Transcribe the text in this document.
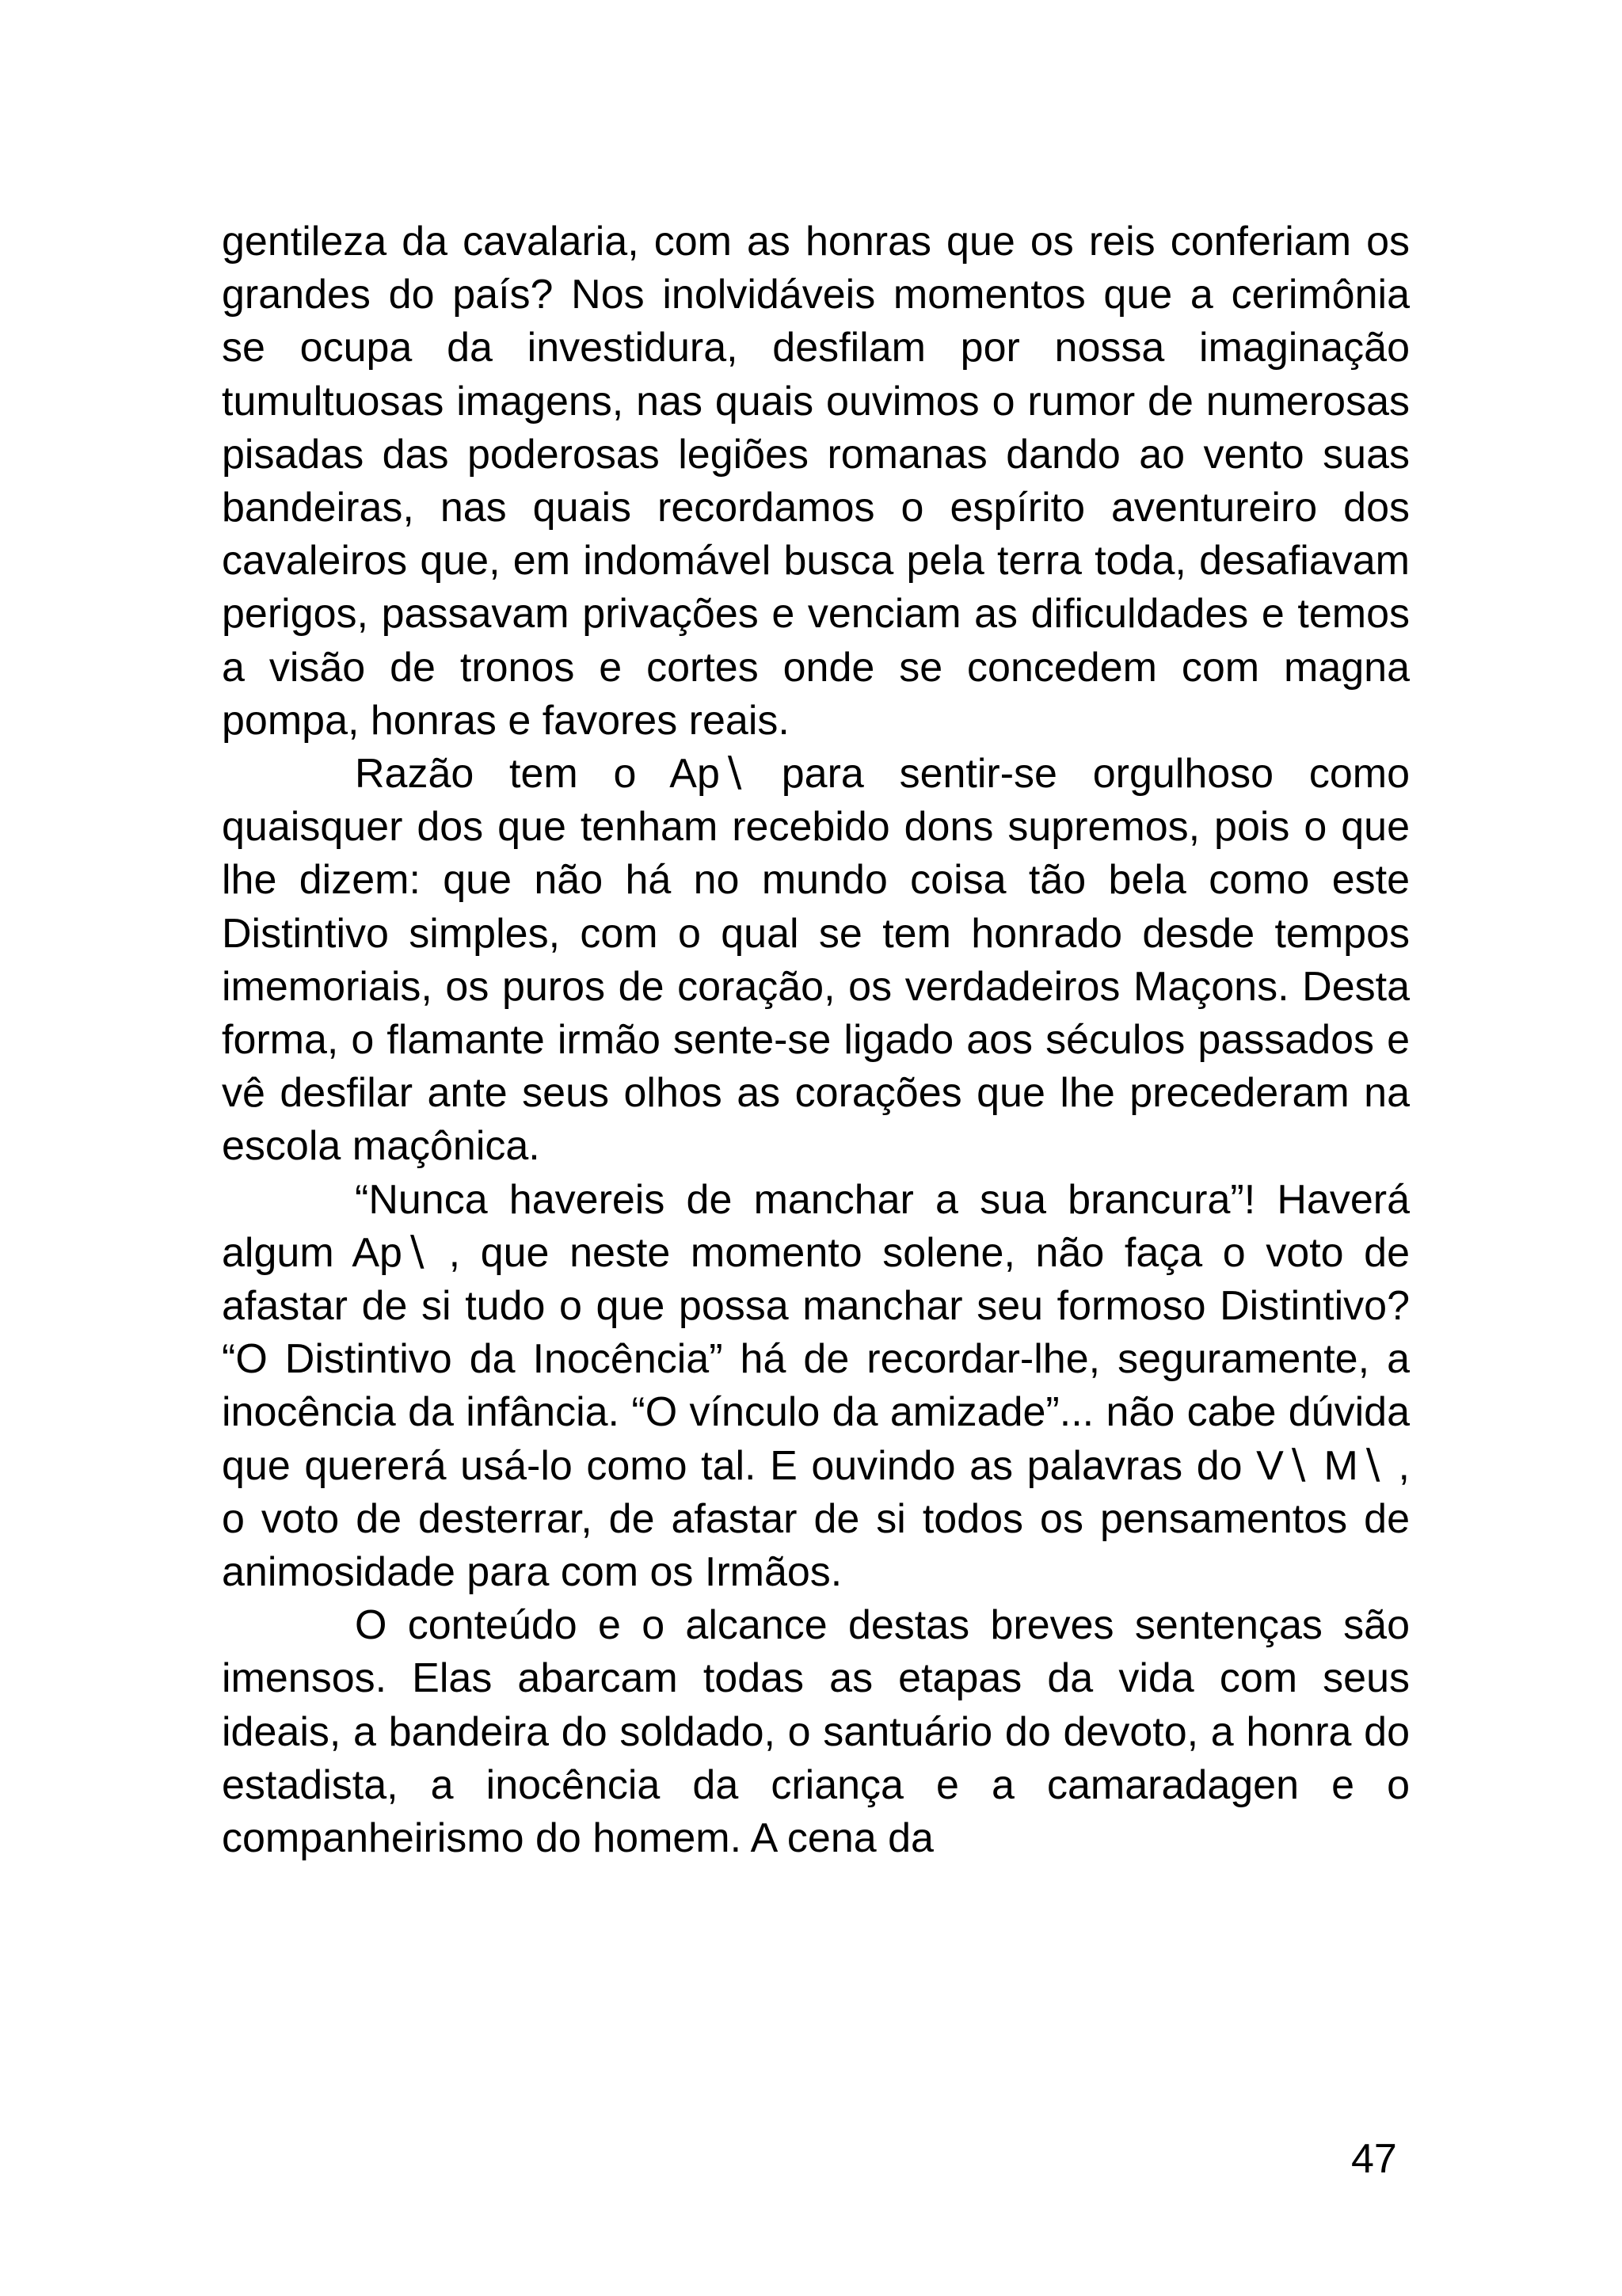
gentileza da cavalaria, com as honras que os reis conferiam os grandes do país? Nos inolvidáveis momentos que a cerimônia se ocupa da investidura, desfilam por nossa imaginação tumultuosas imagens, nas quais ouvimos o rumor de numerosas pisadas das poderosas legiões romanas dando ao vento suas bandeiras, nas quais recordamos o espírito aventureiro dos cavaleiros que, em indomável busca pela terra toda, desafiavam perigos, passavam privações e venciam as dificuldades e temos a visão de tronos e cortes onde se concedem com magna pompa, honras e favores reais.

Razão tem o Ap∖ para sentir-se orgulhoso como quaisquer dos que tenham recebido dons supremos, pois o que lhe dizem: que não há no mundo coisa tão bela como este Distintivo simples, com o qual se tem honrado desde tempos imemoriais, os puros de coração, os verdadeiros Maçons. Desta forma, o flamante irmão sente-se ligado aos séculos passados e vê desfilar ante seus olhos as corações que lhe precederam na escola maçônica.

“Nunca havereis de manchar a sua brancura”! Haverá algum Ap∖ , que neste momento solene, não faça o voto de afastar de si tudo o que possa manchar seu formoso Distintivo? “O Distintivo da Inocência” há de recordar-lhe, seguramente, a inocência da infância. “O vínculo da amizade”... não cabe dúvida que quererá usá-lo como tal. E ouvindo as palavras do V∖ M∖ , o voto de desterrar, de afastar de si todos os pensamentos de animosidade para com os Irmãos.

O conteúdo e o alcance destas breves sentenças são imensos. Elas abarcam todas as etapas da vida com seus ideais, a bandeira do soldado, o santuário do devoto, a honra do estadista, a inocência da criança e a camaradagen e o companheirismo do homem. A cena da

47
